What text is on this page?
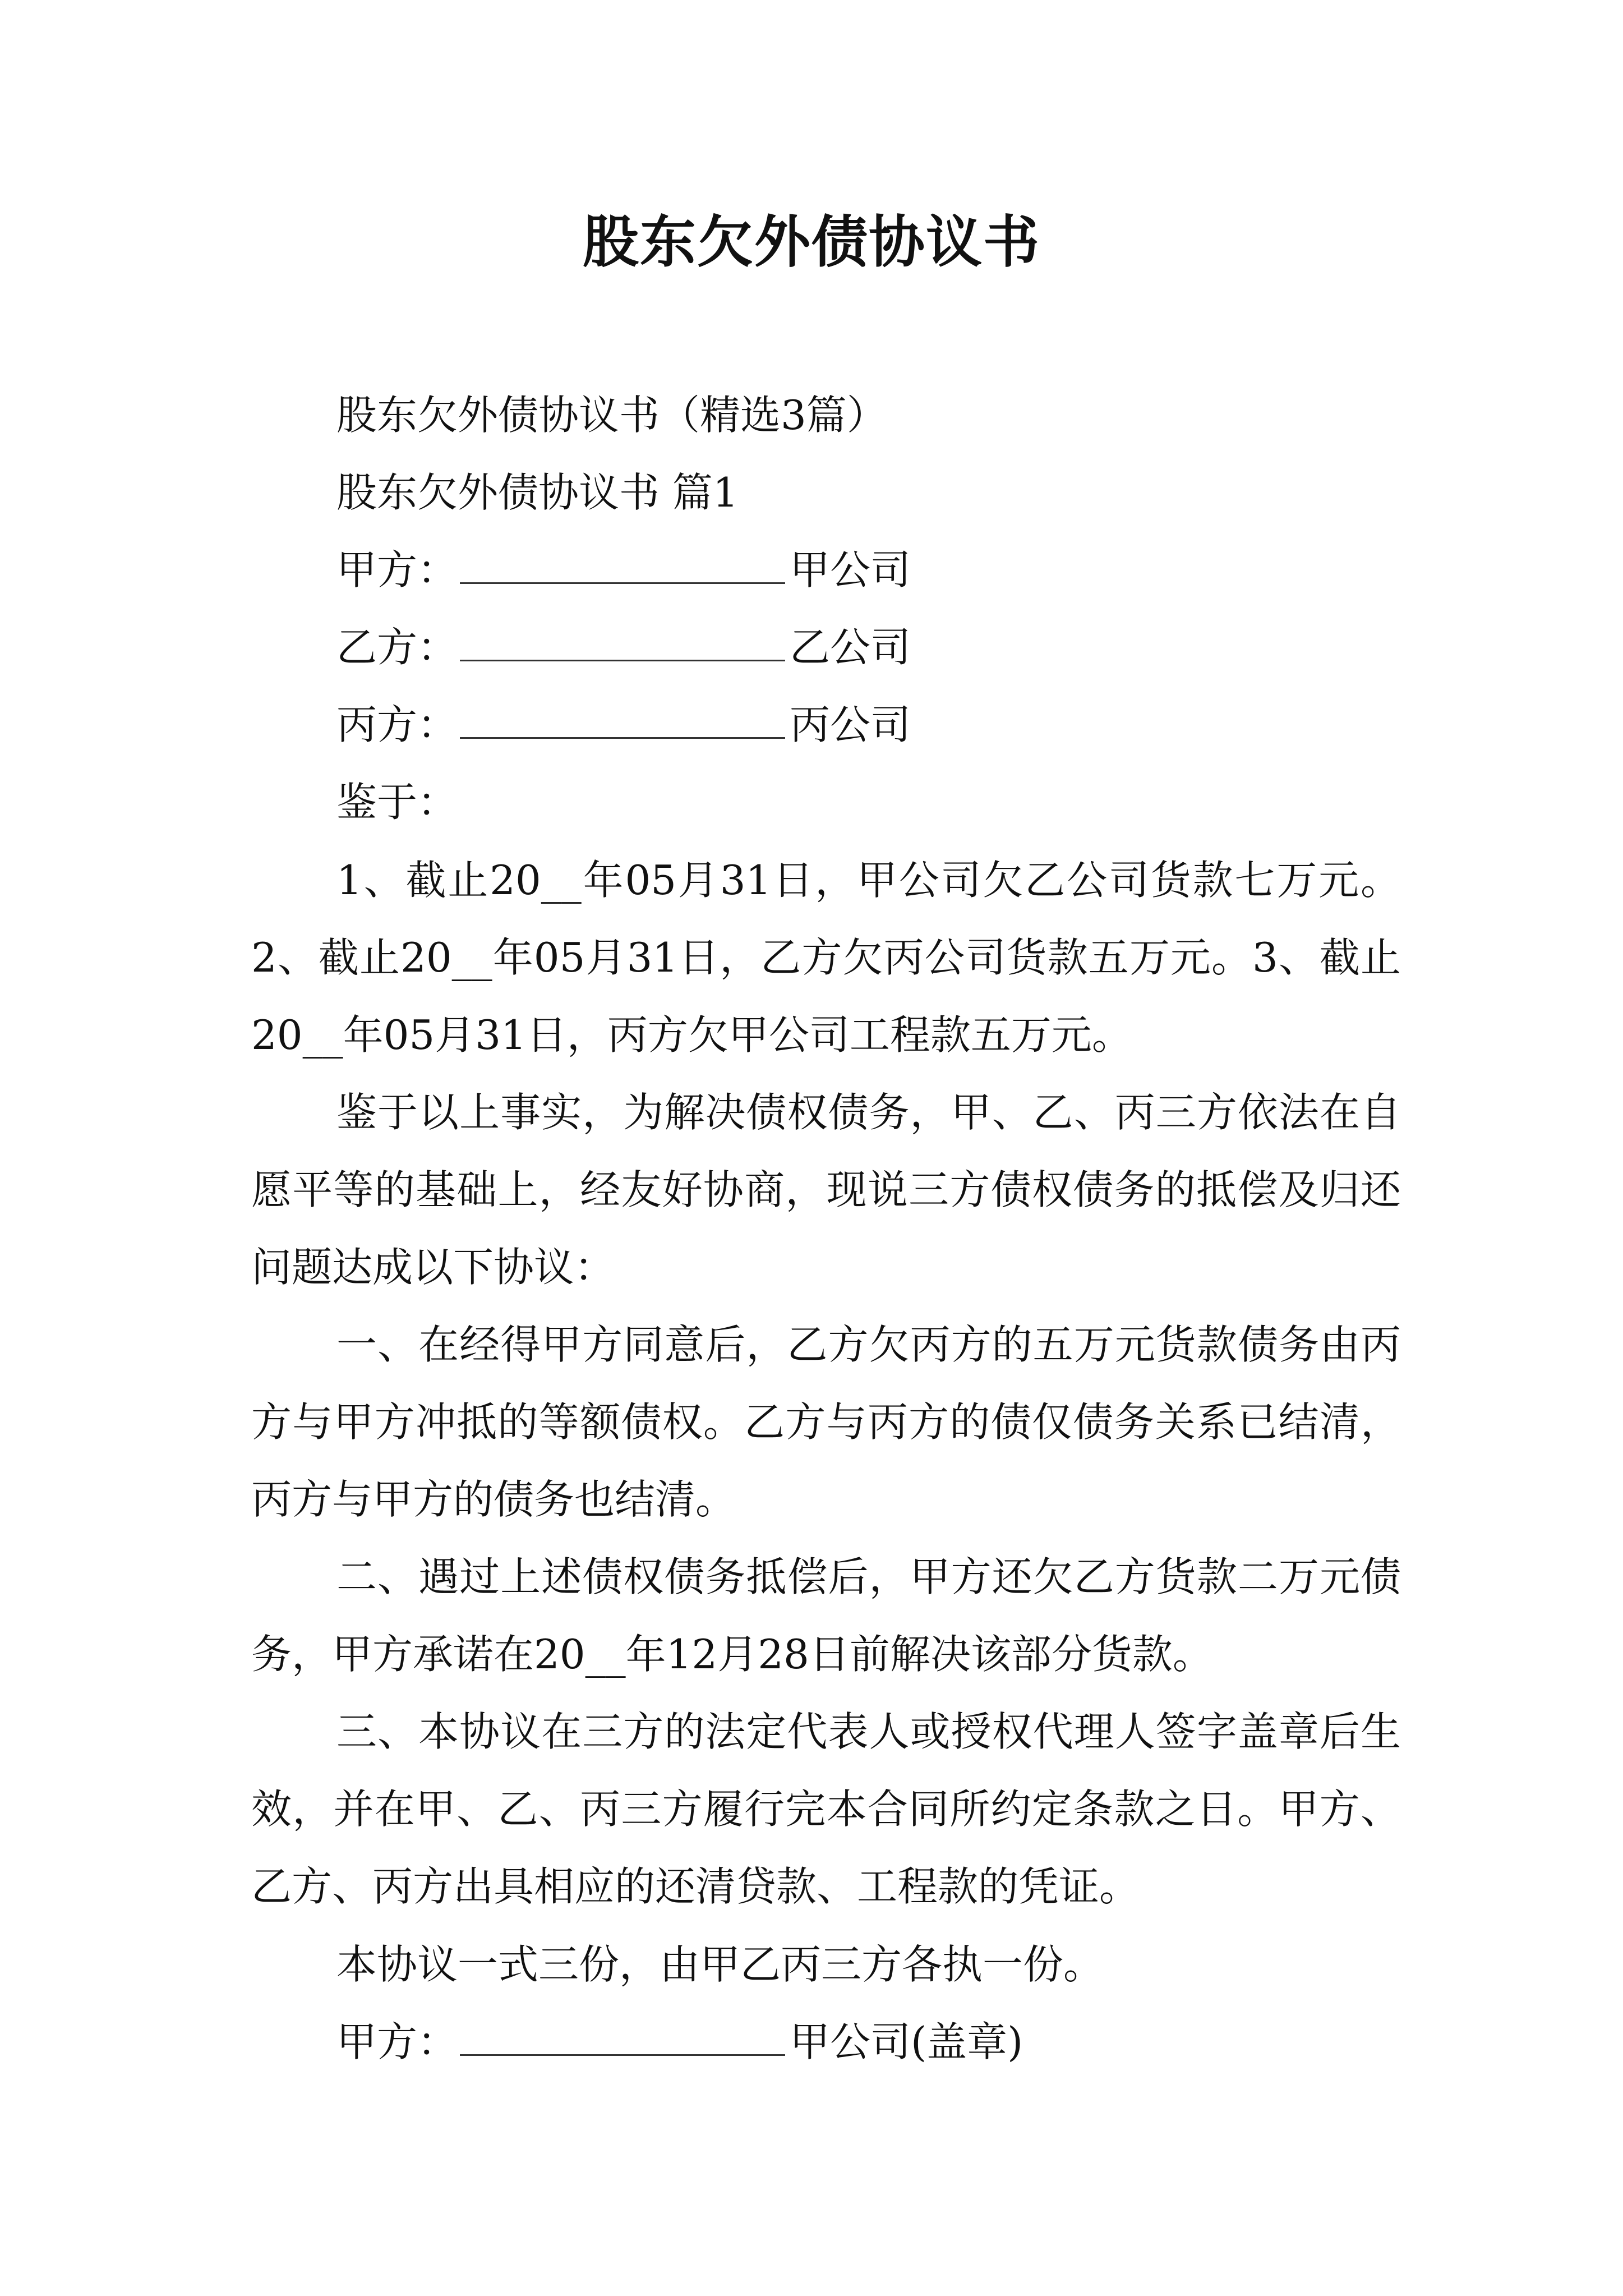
股东欠外债协议书

股东欠外债协议书（精选3篇）

股东欠外债协议书 篇1

甲方：	甲公司

乙方：	乙公司

丙方：	丙公司

鉴于：

1、截止20__年05月31日，甲公司欠乙公司货款七万元。2、截止20__年05月31日，乙方欠丙公司货款五万元。3、截止20__年05月31日，丙方欠甲公司工程款五万元。

鉴于以上事实，为解决债权债务，甲、乙、丙三方依法在自愿平等的基础上，经友好协商，现说三方债权债务的抵偿及归还问题达成以下协议：

一、在经得甲方同意后，乙方欠丙方的五万元货款债务由丙方与甲方冲抵的等额债权。乙方与丙方的债仅债务关系已结清，丙方与甲方的债务也结清。

二、遇过上述债权债务抵偿后，甲方还欠乙方货款二万元债务，甲方承诺在20__年12月28日前解决该部分货款。

三、本协议在三方的法定代表人或授权代理人签字盖章后生效，并在甲、乙、丙三方履行完本合同所约定条款之日。甲方、乙方、丙方出具相应的还清贷款、工程款的凭证。

本协议一式三份，由甲乙丙三方各执一份。

甲方：	甲公司(盖章)
